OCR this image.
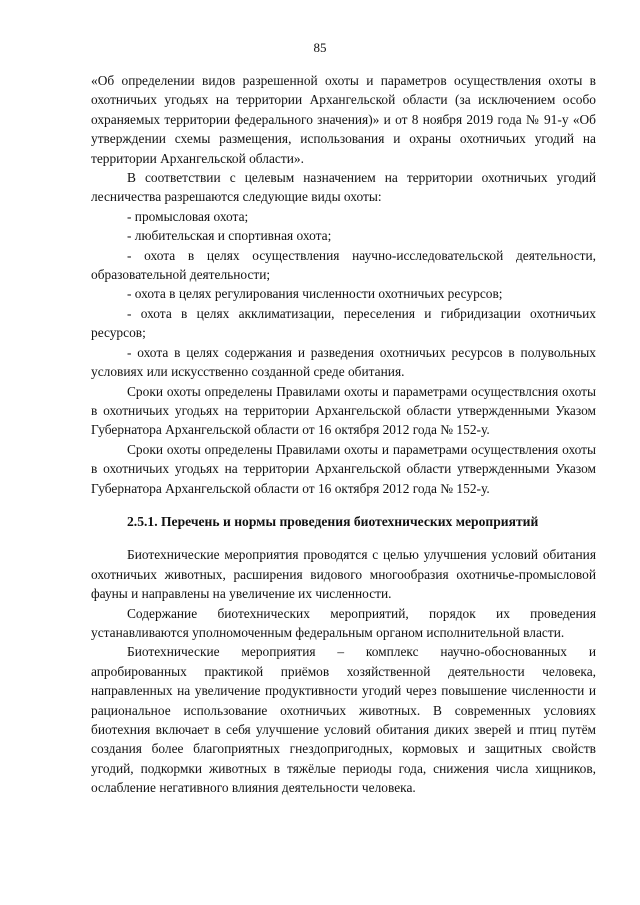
85

«Об определении видов разрешенной охоты и параметров осуществления охоты в охотничьих угодьях на территории Архангельской области (за исключением особо охраняемых территории федерального значения)» и от 8 ноября 2019 года № 91-у «Об утверждении схемы размещения, использования и охраны охотничьих угодий на территории Архангельской области».

В соответствии с целевым назначением на территории охотничьих угодий лесничества разрешаются следующие виды охоты:

- промысловая охота;

- любительская и спортивная охота;

- охота в целях осуществления научно-исследовательской деятельности, образовательной деятельности;

- охота в целях регулирования численности охотничьих ресурсов;

- охота в целях акклиматизации, переселения и гибридизации охотничьих ресурсов;

- охота в целях содержания и разведения охотничьих ресурсов в полувольных условиях или искусственно созданной среде обитания.

Сроки охоты определены Правилами охоты и параметрами осуществлсния охоты в охотничьих угодьях на территории Архангельской области утвержденными Указом Губернатора Архангельской области от 16 октября 2012 года № 152-у.

Сроки охоты определены Правилами охоты и параметрами осуществления охоты в охотничьих угодьях на территории Архангельской области утвержденными Указом Губернатора Архангельской области от 16 октября 2012 года № 152-у.

2.5.1. Перечень и нормы проведения биотехнических мероприятий

Биотехнические мероприятия проводятся с целью улучшения условий обитания охотничьих животных, расширения видового многообразия охотничье-промысловой фауны и направлены на увеличение их численности.

Содержание биотехнических мероприятий, порядок их проведения устанавливаются уполномоченным федеральным органом исполнительной власти.

Биотехнические мероприятия – комплекс научно-обоснованных и апробированных практикой приёмов хозяйственной деятельности человека, направленных на увеличение продуктивности угодий через повышение численности и рациональное использование охотничьих животных. В современных условиях биотехния включает в себя улучшение условий обитания диких зверей и птиц путём создания более благоприятных гнездопригодных, кормовых и защитных свойств угодий, подкормки животных в тяжёлые периоды года, снижения числа хищников, ослабление негативного влияния деятельности человека.
